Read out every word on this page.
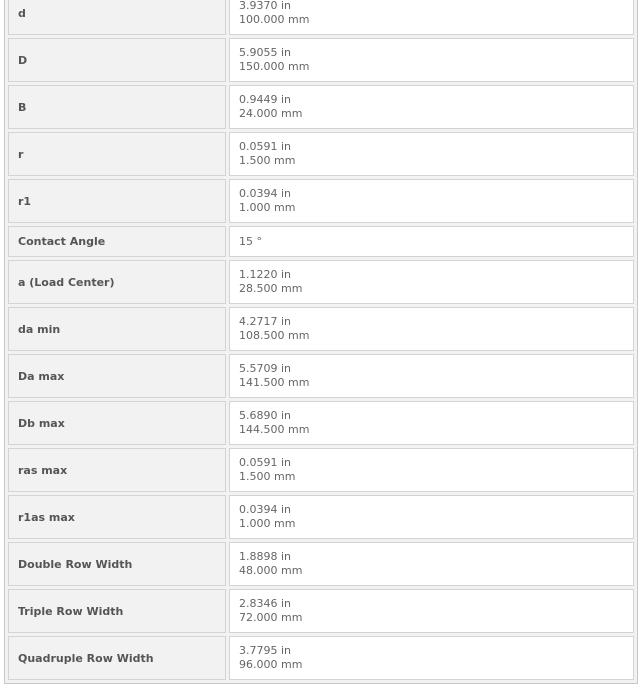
d
3.9370 in
100.000 mm
D
5.9055 in
150.000 mm
B
0.9449 in
24.000 mm
r
0.0591 in
1.500 mm
r1
0.0394 in
1.000 mm
Contact Angle	15 °
a (Load Center)
1.1220 in
28.500 mm
da min
4.2717 in
108.500 mm
Da max
5.5709 in
141.500 mm
Db max
5.6890 in
144.500 mm
ras max
0.0591 in
1.500 mm
r1as max
0.0394 in
1.000 mm
Double Row Width
1.8898 in
48.000 mm
Triple Row Width
2.8346 in
72.000 mm
Quadruple Row Width
3.7795 in
96.000 mm
